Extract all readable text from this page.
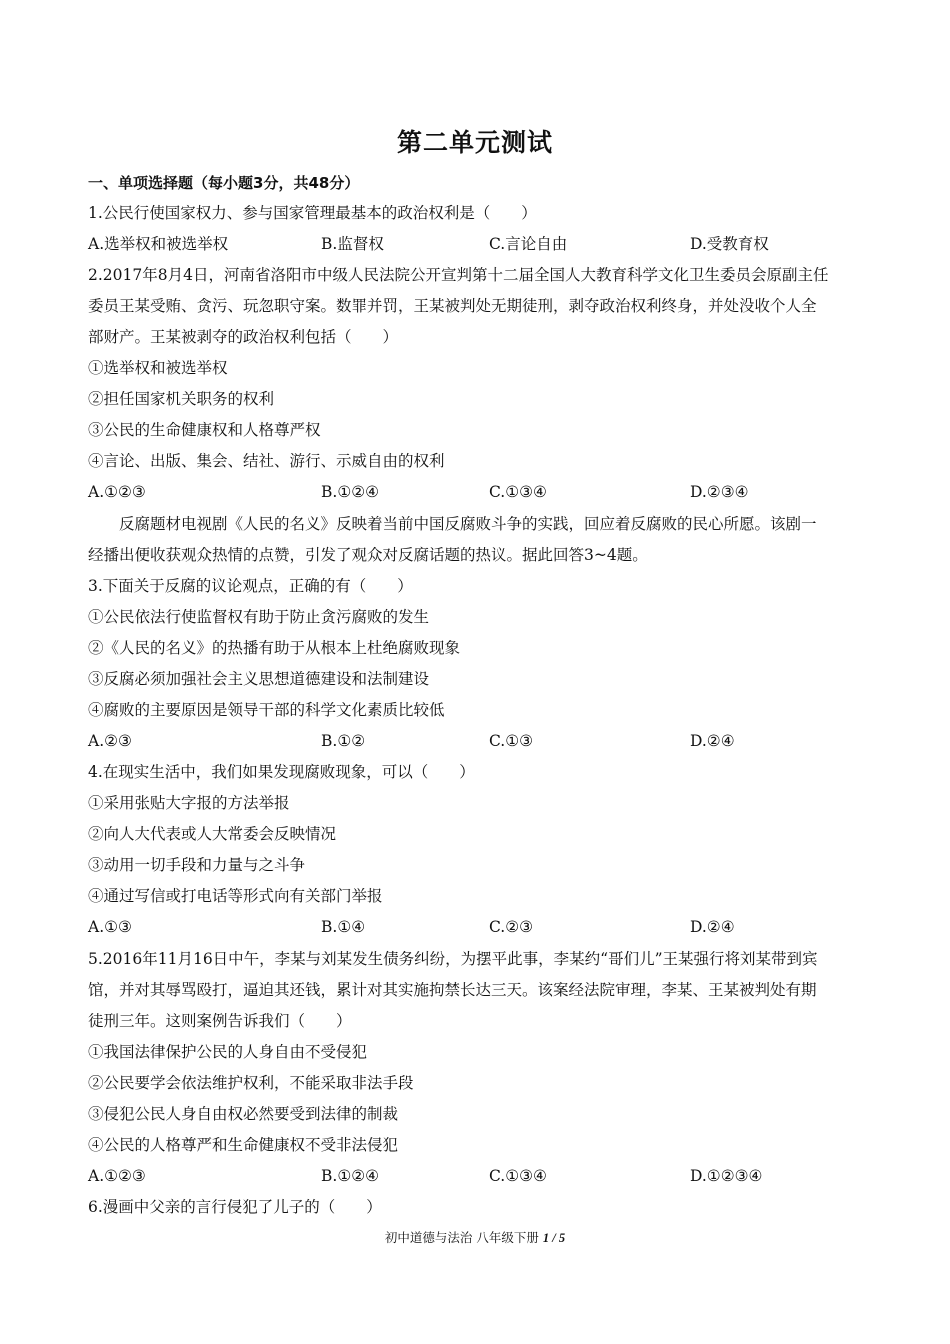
第二单元测试
一、单项选择题（每小题3分，共48分）
1.公民行使国家权力、参与国家管理最基本的政治权利是（　　）
A.选举权和被选举权	B.监督权	C.言论自由	D.受教育权
2.2017年8月4日，河南省洛阳市中级人民法院公开宣判第十二届全国人大教育科学文化卫生委员会原副主任
委员王某受贿、贪污、玩忽职守案。数罪并罚，王某被判处无期徒刑，剥夺政治权利终身，并处没收个人全
部财产。王某被剥夺的政治权利包括（　　）
①选举权和被选举权
②担任国家机关职务的权利
③公民的生命健康权和人格尊严权
④言论、出版、集会、结社、游行、示威自由的权利
A.①②③	B.①②④	C.①③④	D.②③④
　　反腐题材电视剧《人民的名义》反映着当前中国反腐败斗争的实践，回应着反腐败的民心所愿。该剧一
经播出便收获观众热情的点赞，引发了观众对反腐话题的热议。据此回答3~4题。
3.下面关于反腐的议论观点，正确的有（　　）
①公民依法行使监督权有助于防止贪污腐败的发生
②《人民的名义》的热播有助于从根本上杜绝腐败现象
③反腐必须加强社会主义思想道德建设和法制建设
④腐败的主要原因是领导干部的科学文化素质比较低
A.②③	B.①②	C.①③	D.②④
4.在现实生活中，我们如果发现腐败现象，可以（　　）
①采用张贴大字报的方法举报
②向人大代表或人大常委会反映情况
③动用一切手段和力量与之斗争
④通过写信或打电话等形式向有关部门举报
A.①③	B.①④	C.②③	D.②④
5.2016年11月16日中午，李某与刘某发生债务纠纷，为摆平此事，李某约“哥们儿”王某强行将刘某带到宾
馆，并对其辱骂殴打，逼迫其还钱，累计对其实施拘禁长达三天。该案经法院审理，李某、王某被判处有期
徒刑三年。这则案例告诉我们（　　）
①我国法律保护公民的人身自由不受侵犯
②公民要学会依法维护权利，不能采取非法手段
③侵犯公民人身自由权必然要受到法律的制裁
④公民的人格尊严和生命健康权不受非法侵犯
A.①②③	B.①②④	C.①③④	D.①②③④
6.漫画中父亲的言行侵犯了儿子的（　　）
初中道德与法治 八年级下册 1 / 5
